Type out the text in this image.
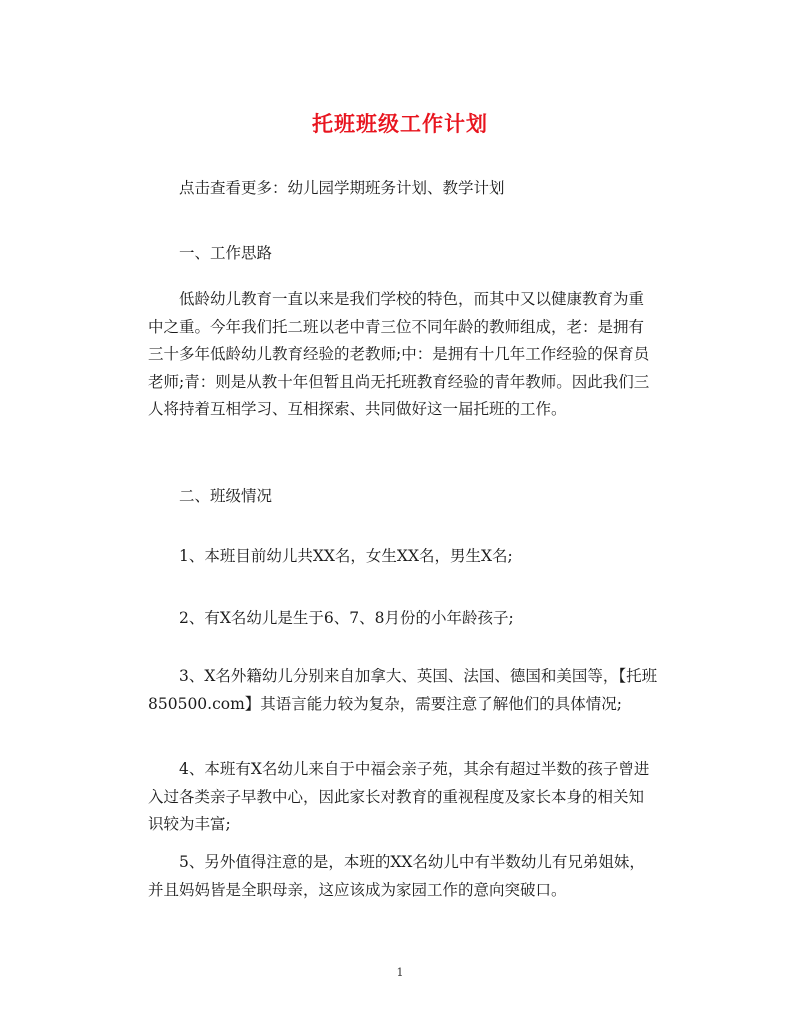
托班班级工作计划
点击查看更多：幼儿园学期班务计划、教学计划
一、工作思路
低龄幼儿教育一直以来是我们学校的特色，而其中又以健康教育为重中之重。今年我们托二班以老中青三位不同年龄的教师组成，老：是拥有三十多年低龄幼儿教育经验的老教师;中：是拥有十几年工作经验的保育员老师;青：则是从教十年但暂且尚无托班教育经验的青年教师。因此我们三人将持着互相学习、互相探索、共同做好这一届托班的工作。
二、班级情况
1、本班目前幼儿共XX名，女生XX名，男生X名;
2、有X名幼儿是生于6、7、8月份的小年龄孩子;
3、X名外籍幼儿分别来自加拿大、英国、法国、德国和美国等，【托班850500.com】其语言能力较为复杂，需要注意了解他们的具体情况;
4、本班有X名幼儿来自于中福会亲子苑，其余有超过半数的孩子曾进入过各类亲子早教中心，因此家长对教育的重视程度及家长本身的相关知识较为丰富;
5、另外值得注意的是，本班的XX名幼儿中有半数幼儿有兄弟姐妹，并且妈妈皆是全职母亲，这应该成为家园工作的意向突破口。
1
